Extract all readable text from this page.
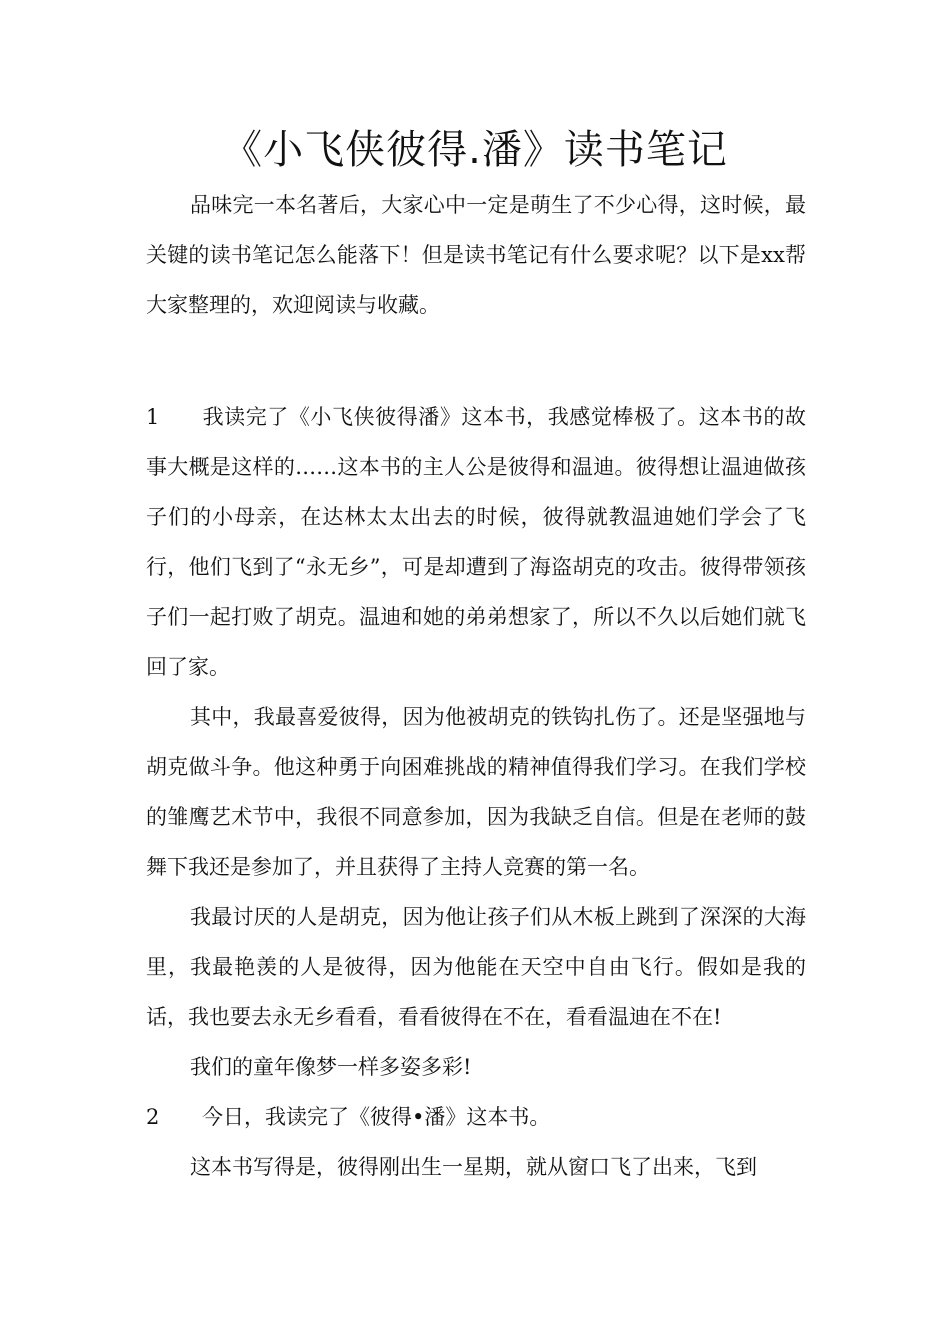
《小飞侠彼得.潘》读书笔记

品味完一本名著后，大家心中一定是萌生了不少心得，这时候，最关键的读书笔记怎么能落下！但是读书笔记有什么要求呢？以下是xx帮大家整理的，欢迎阅读与收藏。

1 我读完了《小飞侠彼得潘》这本书，我感觉棒极了。这本书的故事大概是这样的……这本书的主人公是彼得和温迪。彼得想让温迪做孩子们的小母亲，在达林太太出去的时候，彼得就教温迪她们学会了飞行，他们飞到了“永无乡”，可是却遭到了海盗胡克的攻击。彼得带领孩子们一起打败了胡克。温迪和她的弟弟想家了，所以不久以后她们就飞回了家。

其中，我最喜爱彼得，因为他被胡克的铁钩扎伤了。还是坚强地与胡克做斗争。他这种勇于向困难挑战的精神值得我们学习。在我们学校的雏鹰艺术节中，我很不同意参加，因为我缺乏自信。但是在老师的鼓舞下我还是参加了，并且获得了主持人竞赛的第一名。

我最讨厌的人是胡克，因为他让孩子们从木板上跳到了深深的大海里，我最艳羡的人是彼得，因为他能在天空中自由飞行。假如是我的话，我也要去永无乡看看，看看彼得在不在，看看温迪在不在!

我们的童年像梦一样多姿多彩!

2 今日，我读完了《彼得•潘》这本书。

这本书写得是，彼得刚出生一星期，就从窗口飞了出来，飞到
